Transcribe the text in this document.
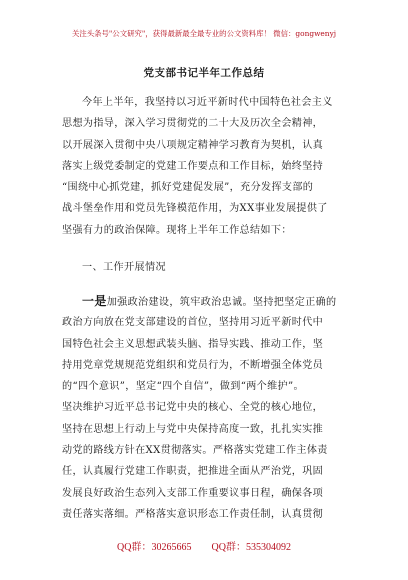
关注头条号"公文研究"，获得最新最全最专业的公文资料库！ 微信：gongwenyj
党支部书记半年工作总结
今年上半年，我坚持以习近平新时代中国特色社会主义
思想为指导，深入学习贯彻党的二十大及历次全会精神，
以开展深入贯彻中央八项规定精神学习教育为契机，认真
落实上级党委制定的党建工作要点和工作目标，始终坚持
“围绕中心抓党建，抓好党建促发展”，充分发挥支部的
战斗堡垒作用和党员先锋模范作用，为XX事业发展提供了
坚强有力的政治保障。现将上半年工作总结如下：
一、工作开展情况
一是加强政治建设，筑牢政治忠诚。坚持把坚定正确的
政治方向放在党支部建设的首位，坚持用习近平新时代中
国特色社会主义思想武装头脑、指导实践、推动工作，坚
持用党章党规规范党组织和党员行为，不断增强全体党员
的“四个意识”，坚定“四个自信”，做到“两个维护”。
坚决维护习近平总书记党中央的核心、全党的核心地位，
坚持在思想上行动上与党中央保持高度一致，扎扎实实推
动党的路线方针在XX贯彻落实。严格落实党建工作主体责
任，认真履行党建工作职责，把推进全面从严治党，巩固
发展良好政治生态列入支部工作重要议事日程，确保各项
责任落实落细。严格落实意识形态工作责任制，认真贯彻
QQ群：30265665 QQ群：535304092
